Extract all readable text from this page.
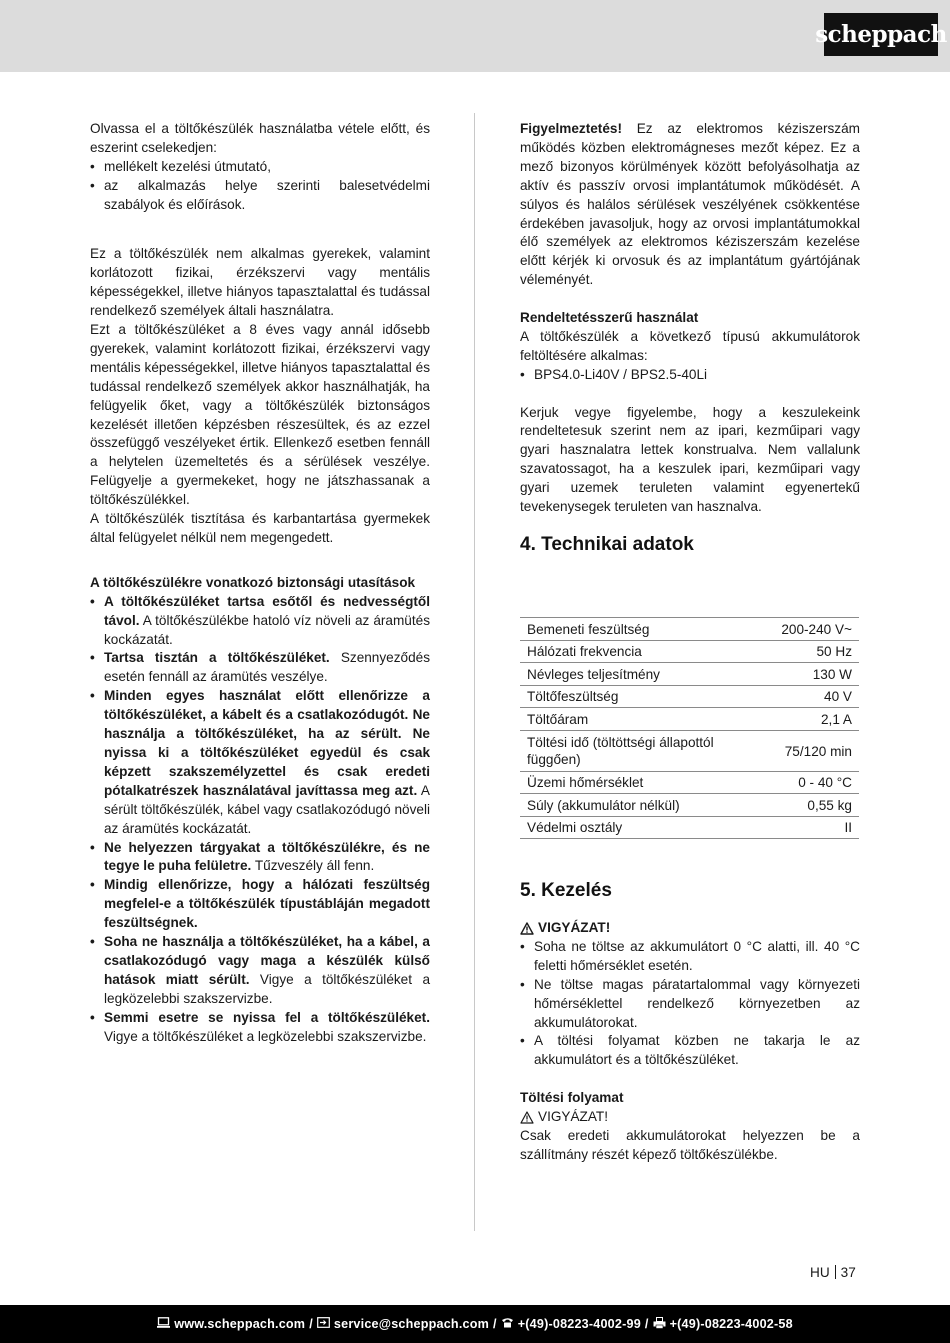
scheppach

Olvassa el a töltőkészülék használatba vétele előtt, és eszerint cselekedjen:

• mellékelt kezelési útmutató,
• az alkalmazás helye szerinti balesetvédelmi szabályok és előírások.

Ez a töltőkészülék nem alkalmas gyerekek, valamint korlátozott fizikai, érzékszervi vagy mentális képességekkel, illetve hiányos tapasztalattal és tudással rendelkező személyek általi használatra.

Ezt a töltőkészüléket a 8 éves vagy annál idősebb gyerekek, valamint korlátozott fizikai, érzékszervi vagy mentális képességekkel, illetve hiányos tapasztalattal és tudással rendelkező személyek akkor használhatják, ha felügyelik őket, vagy a töltőkészülék biztonságos kezelését illetően képzésben részesültek, és az ezzel összefüggő veszélyeket értik. Ellenkező esetben fennáll a helytelen üzemeltetés és a sérülések veszélye. Felügyelje a gyermekeket, hogy ne játszhassanak a töltőkészülékkel.

A töltőkészülék tisztítása és karbantartása gyermekek által felügyelet nélkül nem megengedett.

A töltőkészülékre vonatkozó biztonsági utasítások

• A töltőkészüléket tartsa esőtől és nedvességtől távol. A töltőkészülékbe hatoló víz növeli az áramütés kockázatát.
• Tartsa tisztán a töltőkészüléket. Szennyeződés esetén fennáll az áramütés veszélye.
• Minden egyes használat előtt ellenőrizze a töltőkészüléket, a kábelt és a csatlakozódugót. Ne használja a töltőkészüléket, ha az sérült. Ne nyissa ki a töltőkészüléket egyedül és csak képzett szakszemélyzettel és csak eredeti pótalkatrészek használatával javíttassa meg azt. A sérült töltőkészülék, kábel vagy csatlakozódugó növeli az áramütés kockázatát.
• Ne helyezzen tárgyakat a töltőkészülékre, és ne tegye le puha felületre. Tűzveszély áll fenn.
• Mindig ellenőrizze, hogy a hálózati feszültség megfelel-e a töltőkészülék típustábláján megadott feszültségnek.
• Soha ne használja a töltőkészüléket, ha a kábel, a csatlakozódugó vagy maga a készülék külső hatások miatt sérült. Vigye a töltőkészüléket a legközelebbi szakszervizbe.
• Semmi esetre se nyissa fel a töltőkészüléket. Vigye a töltőkészüléket a legközelebbi szakszervizbe.

Figyelmeztetés! Ez az elektromos kéziszerszám működés közben elektromágneses mezőt képez. Ez a mező bizonyos körülmények között befolyásolhatja az aktív és passzív orvosi implantátumok működését. A súlyos és halálos sérülések veszélyének csökkentése érdekében javasoljuk, hogy az orvosi implantátumokkal élő személyek az elektromos kéziszerszám kezelése előtt kérjék ki orvosuk és az implantátum gyártójának véleményét.

Rendeltetésszerű használat

A töltőkészülék a következő típusú akkumulátorok feltöltésére alkalmas:

• BPS4.0-Li40V / BPS2.5-40Li

Kerjuk vegye figyelembe, hogy a keszulekeink rendeltetesuk szerint nem az ipari, kezműipari vagy gyari hasznalatra lettek konstrualva. Nem vallalunk szavatossagot, ha a keszulek ipari, kezműipari vagy gyari uzemek teruleten valamint egyenertekű tevekenysegek teruleten van hasznalva.

4. Technikai adatok
Bemeneti feszültség	200-240 V~
Hálózati frekvencia	50 Hz
Névleges teljesítmény	130 W
Töltőfeszültség	40 V
Töltőáram	2,1 A
Töltési idő (töltöttségi állapottól függően)	75/120 min
Üzemi hőmérséklet	0 - 40 °C
Súly (akkumulátor nélkül)	0,55 kg
Védelmi osztály	II
5. Kezelés
VIGYÁZAT!
• Soha ne töltse az akkumulátort 0 °C alatti, ill. 40 °C feletti hőmérséklet esetén.
• Ne töltse magas páratartalommal vagy környezeti hőmérséklettel rendelkező környezetben az akkumulátorokat.
• A töltési folyamat közben ne takarja le az akkumulátort és a töltőkészüléket.

Töltési folyamat

VIGYÁZAT!

Csak eredeti akkumulátorokat helyezzen be a szállítmány részét képező töltőkészülékbe.

HU 37
www.scheppach.com / service@scheppach.com / +(49)-08223-4002-99 / +(49)-08223-4002-58
